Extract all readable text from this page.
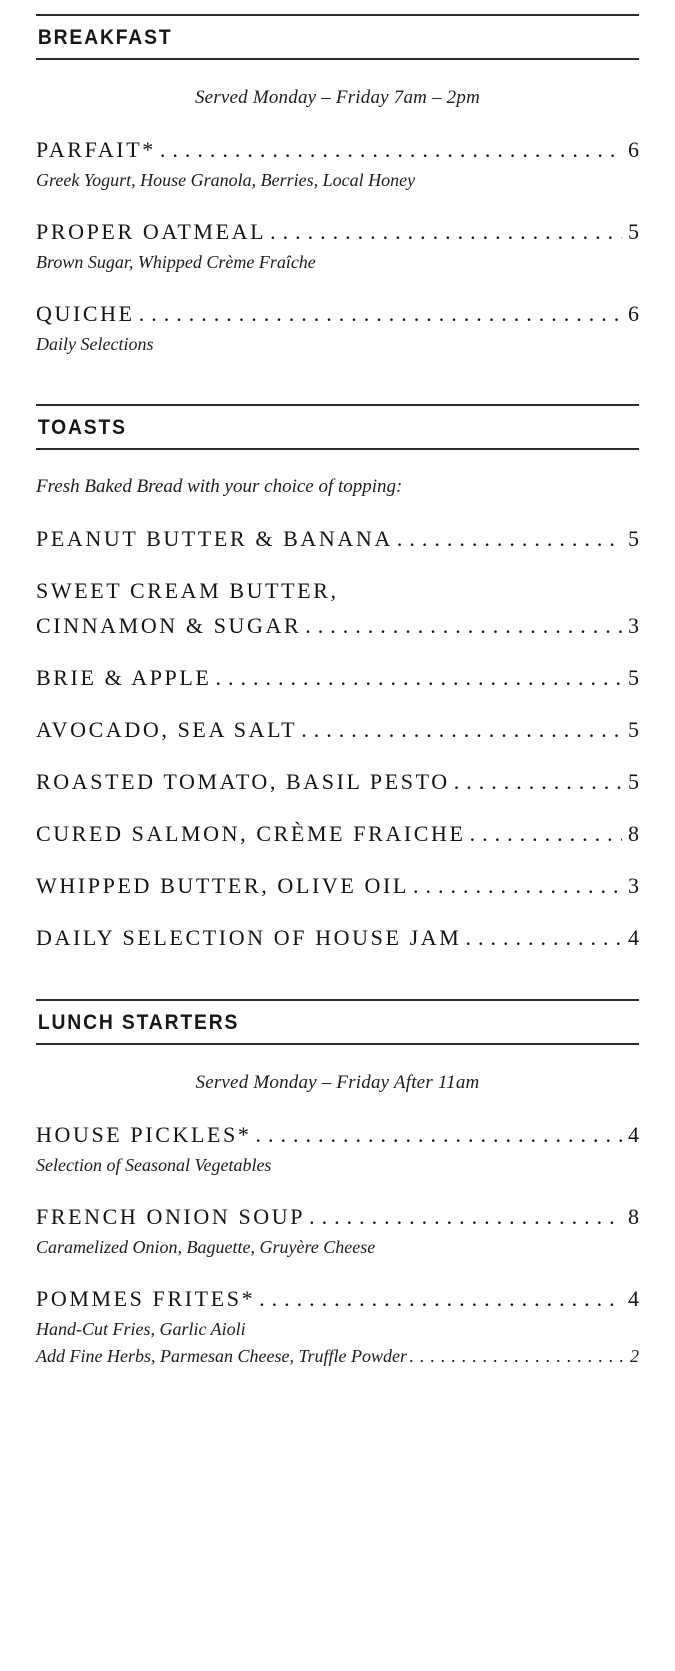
BREAKFAST
Served Monday – Friday 7am – 2pm
PARFAIT* .....	6
Greek Yogurt, House Granola, Berries, Local Honey
PROPER OATMEAL .....	5
Brown Sugar, Whipped Crème Fraîche
QUICHE .....	6
Daily Selections
TOASTS
Fresh Baked Bread with your choice of topping:
PEANUT BUTTER & BANANA .....	5
SWEET CREAM BUTTER,
CINNAMON & SUGAR .....	3
BRIE & APPLE .....	5
AVOCADO, SEA SALT .....	5
ROASTED TOMATO, BASIL PESTO .....	5
CURED SALMON, CRÈME FRAICHE .....	8
WHIPPED BUTTER, OLIVE OIL .....	3
DAILY SELECTION OF HOUSE JAM .....	4
LUNCH STARTERS
Served Monday – Friday After 11am
HOUSE PICKLES* .....	4
Selection of Seasonal Vegetables
FRENCH ONION SOUP .....	8
Caramelized Onion, Baguette, Gruyère Cheese
POMMES FRITES* .....	4
Hand-Cut Fries, Garlic Aioli
Add Fine Herbs, Parmesan Cheese, Truffle Powder .....	2
